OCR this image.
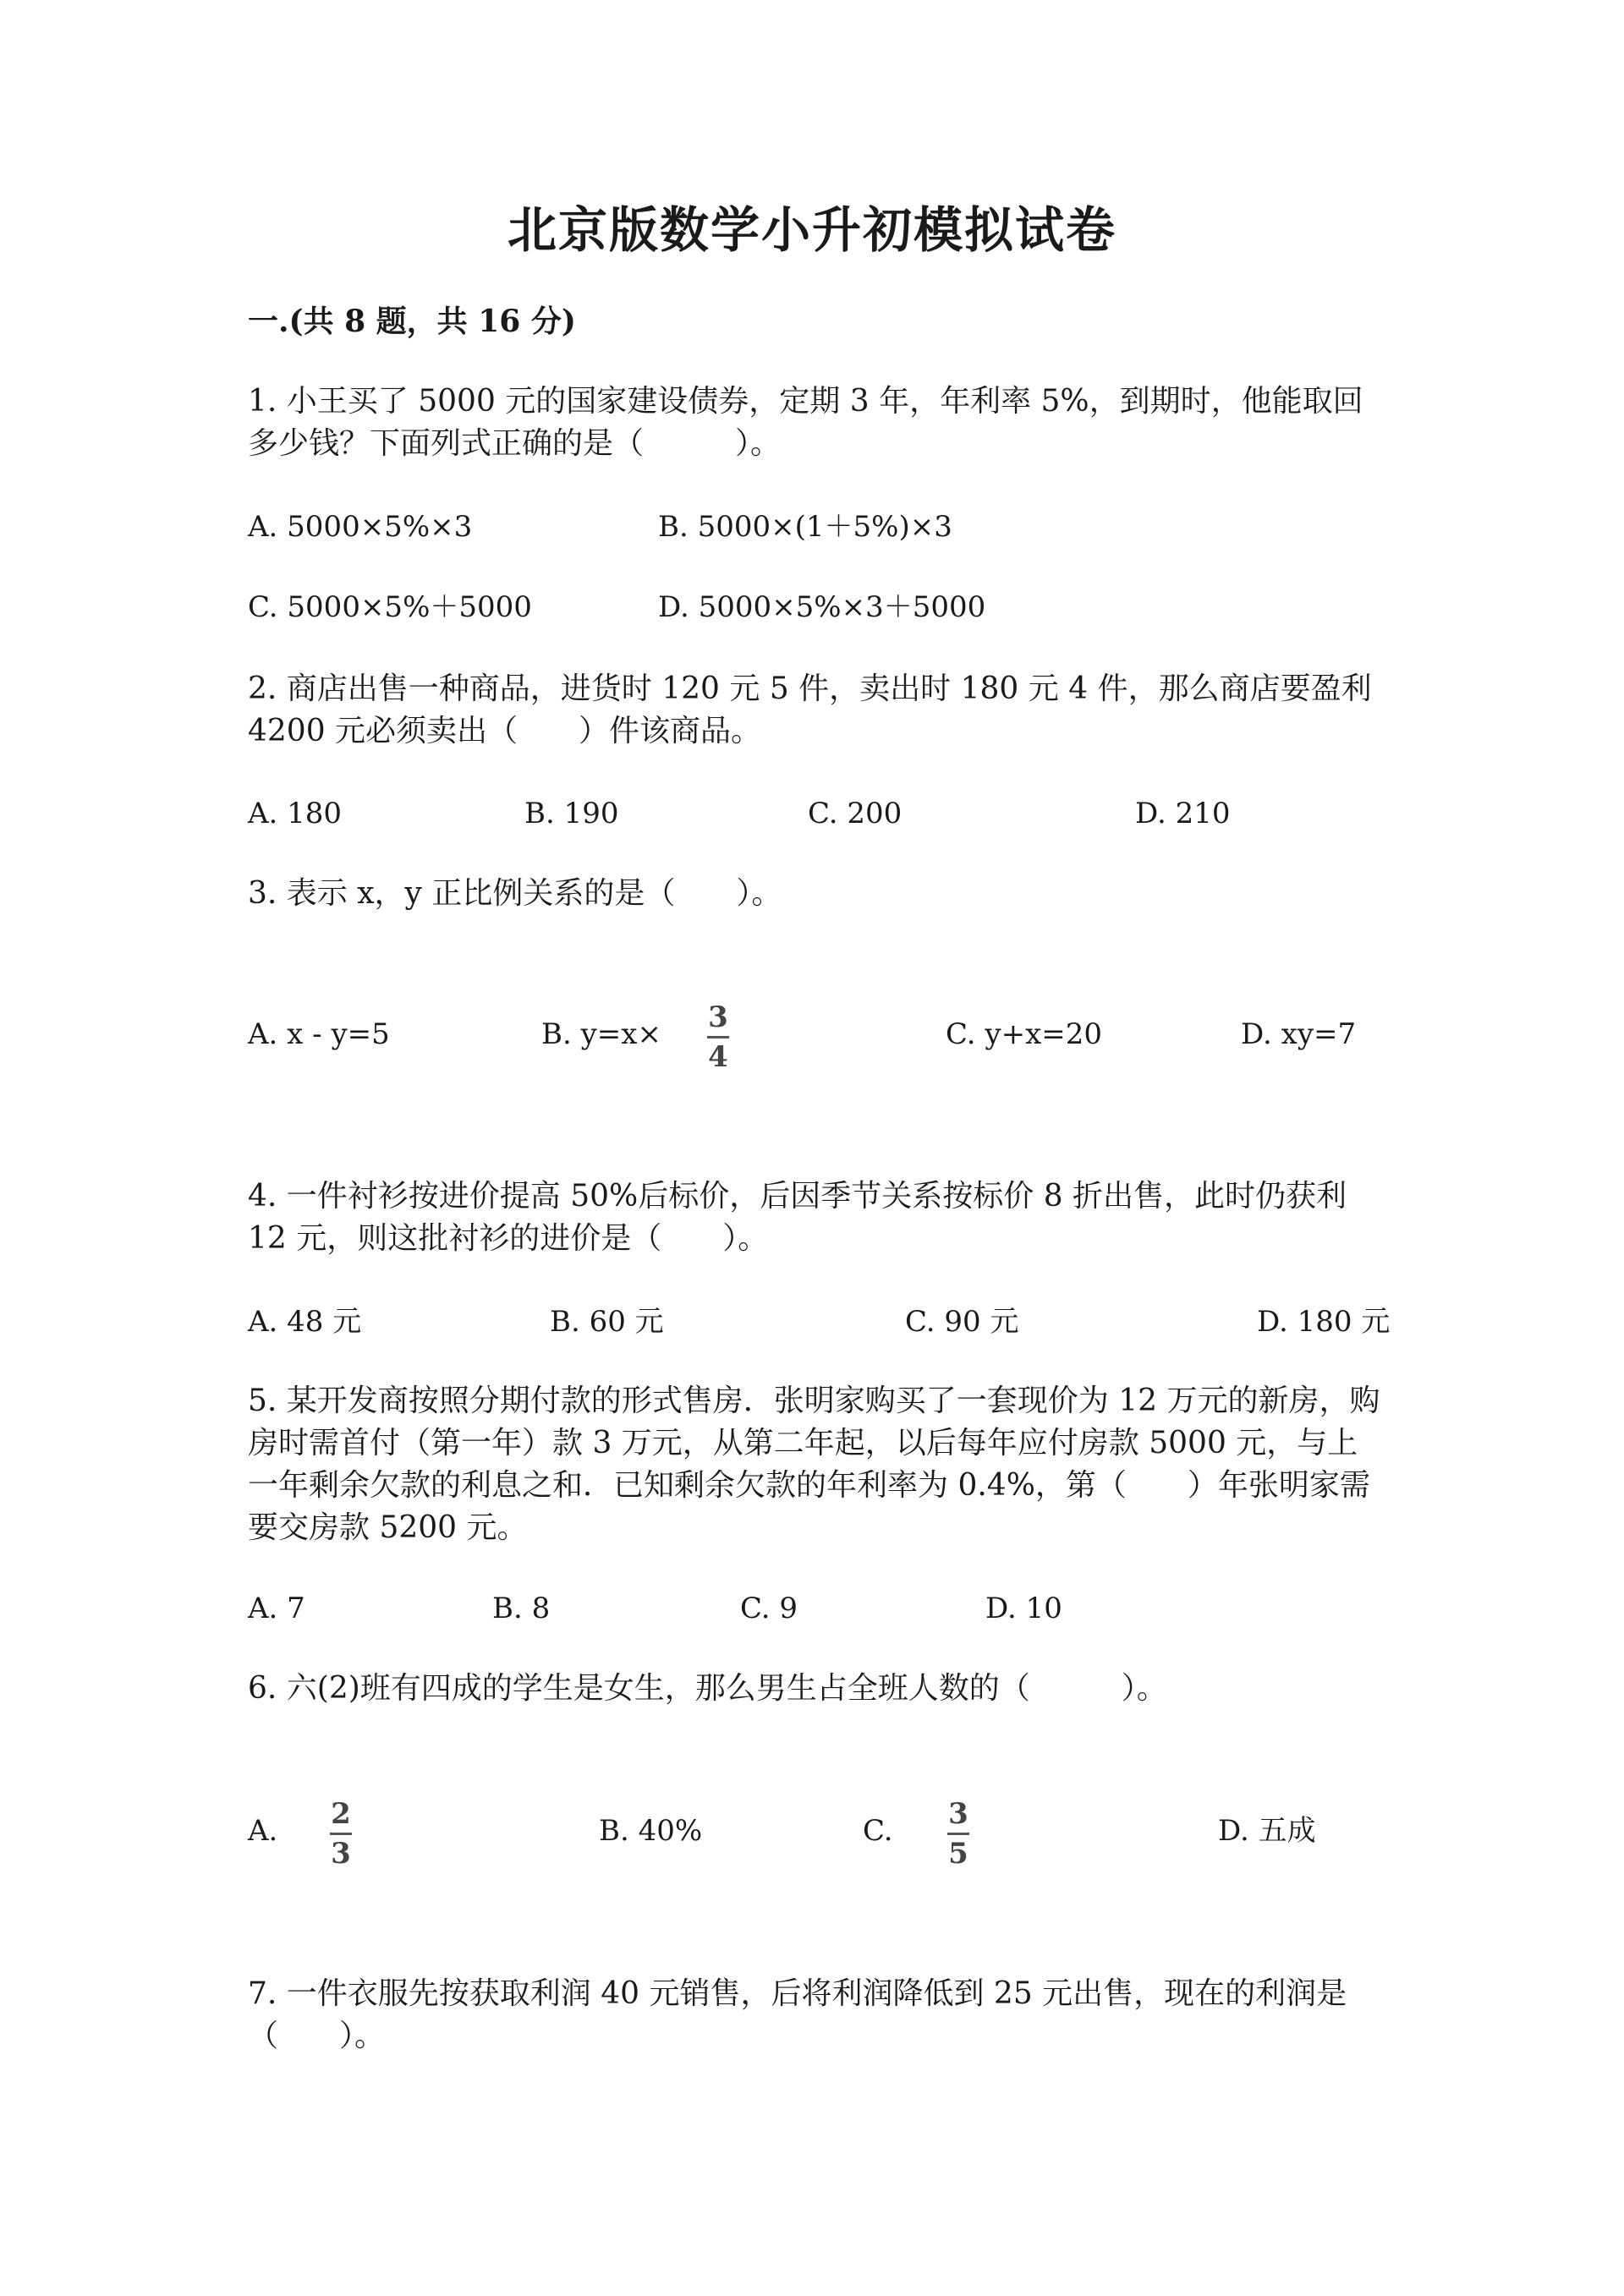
北京版数学小升初模拟试卷
一.(共 8 题，共 16 分)
1. 小王买了 5000 元的国家建设债券，定期 3 年，年利率 5%，到期时，他能取回多少钱？下面列式正确的是（　　　）。
A. 5000×5%×3	B. 5000×(1＋5%)×3
C. 5000×5%＋5000	D. 5000×5%×3＋5000
2. 商店出售一种商品，进货时 120 元 5 件，卖出时 180 元 4 件，那么商店要盈利 4200 元必须卖出（　　）件该商品。
A. 180	B. 190	C. 200	D. 210
3. 表示 x，y 正比例关系的是（　　）。
A. x - y=5	B. y=x× 3
4
C. y+x=20	D. xy=7
4. 一件衬衫按进价提高 50%后标价，后因季节关系按标价 8 折出售，此时仍获利 12 元，则这批衬衫的进价是（　　）。
A. 48 元	B. 60 元	C. 90 元	D. 180 元
5. 某开发商按照分期付款的形式售房．张明家购买了一套现价为 12 万元的新房，购房时需首付（第一年）款 3 万元，从第二年起，以后每年应付房款 5000 元，与上一年剩余欠款的利息之和．已知剩余欠款的年利率为 0.4%，第（　　）年张明家需要交房款 5200 元。
A. 7	B. 8	C. 9	D. 10
6. 六(2)班有四成的学生是女生，那么男生占全班人数的（　　　）。
A. 2
3
B. 40%	C. 3
5
D. 五成
7. 一件衣服先按获取利润 40 元销售，后将利润降低到 25 元出售，现在的利润是（　　）。
